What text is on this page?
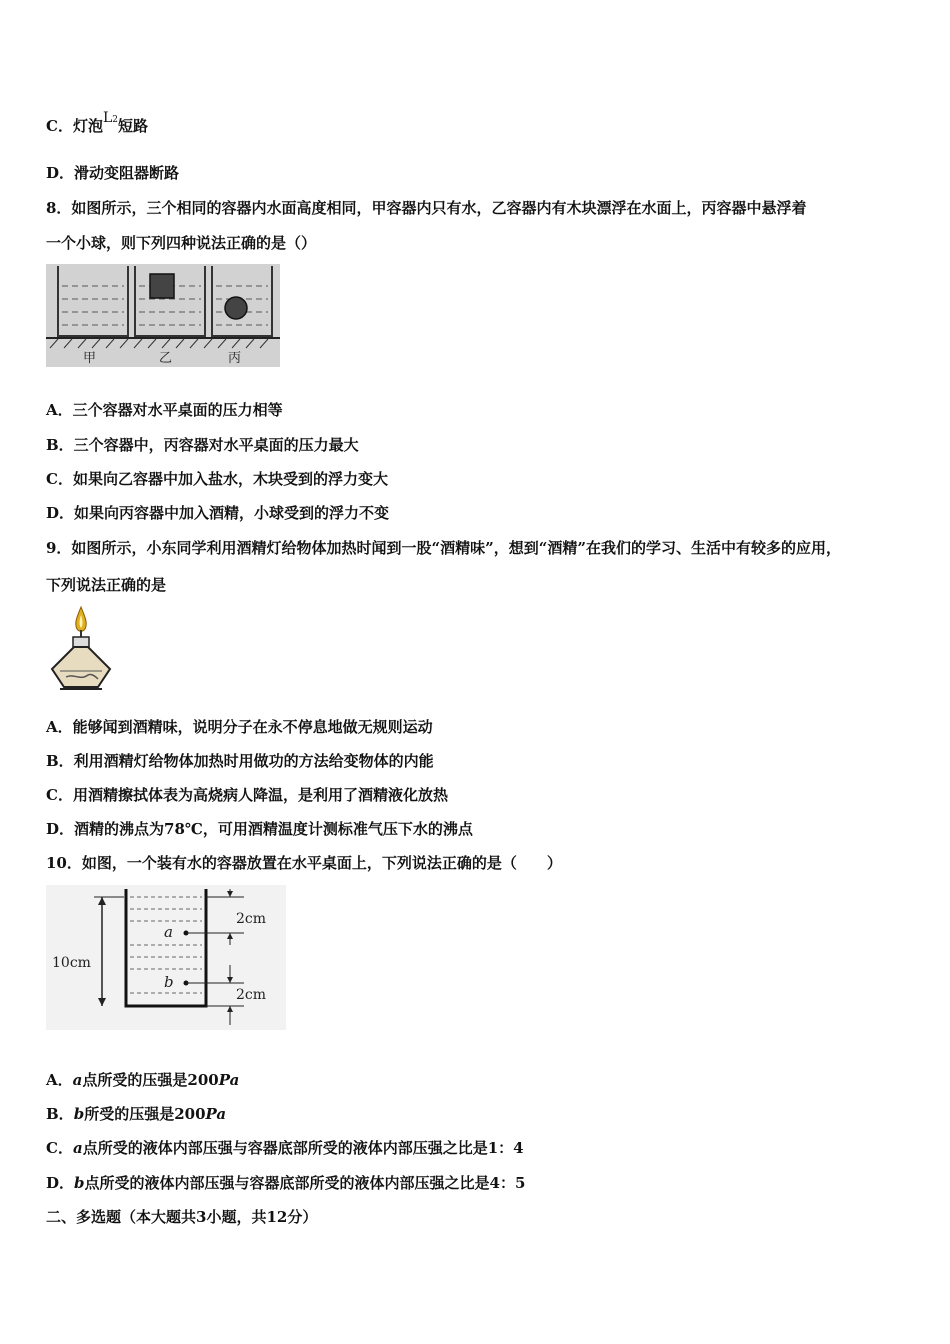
C．灯泡L2短路
D．滑动变阻器断路
8．如图所示，三个相同的容器内水面高度相同，甲容器内只有水，乙容器内有木块漂浮在水面上，丙容器中悬浮着
一个小球，则下列四种说法正确的是（）
甲	乙	丙
A．三个容器对水平桌面的压力相等
B．三个容器中，丙容器对水平桌面的压力最大
C．如果向乙容器中加入盐水，木块受到的浮力变大
D．如果向丙容器中加入酒精，小球受到的浮力不变
9．如图所示，小东同学利用酒精灯给物体加热时闻到一股“酒精味”，想到“酒精”在我们的学习、生活中有较多的应用，
下列说法正确的是
A．能够闻到酒精味，说明分子在永不停息地做无规则运动
B．利用酒精灯给物体加热时用做功的方法给变物体的内能
C．用酒精擦拭体表为高烧病人降温，是利用了酒精液化放热
D．酒精的沸点为78℃，可用酒精温度计测标准气压下水的沸点
10．如图，一个装有水的容器放置在水平桌面上，下列说法正确的是（　　）
10cm
a
b
2cm
2cm
A．a点所受的压强是200Pa
B．b所受的压强是200Pa
C．a点所受的液体内部压强与容器底部所受的液体内部压强之比是1：4
D．b点所受的液体内部压强与容器底部所受的液体内部压强之比是4：5
二、多选题（本大题共3小题，共12分）
